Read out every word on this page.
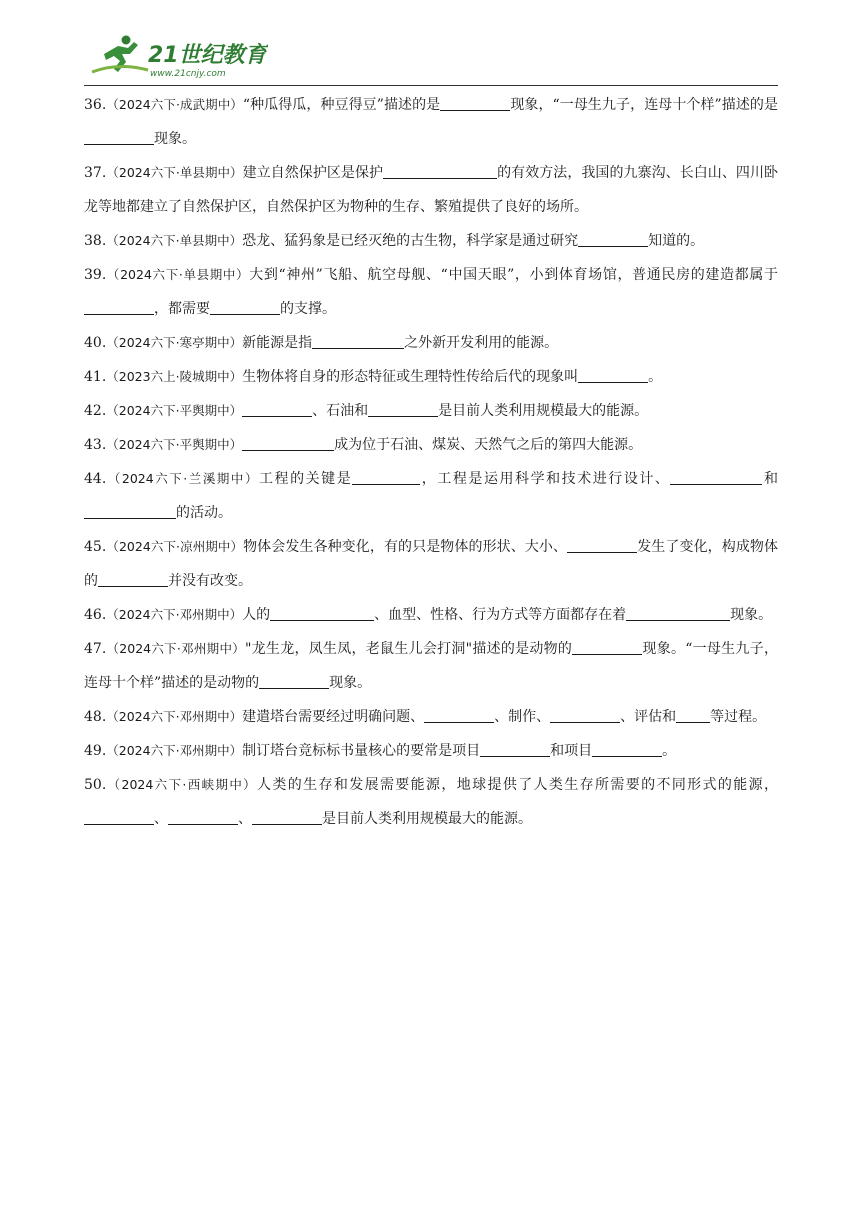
21世纪教育
www.21cnjy.com

36.（2024六下·成武期中）“种瓜得瓜，种豆得豆”描述的是	现象，“一母生九子，连母十个样”描述的是现象。

37.（2024六下·单县期中）建立自然保护区是保护	的有效方法，我国的九寨沟、长白山、四川卧龙等地都建立了自然保护区，自然保护区为物种的生存、繁殖提供了良好的场所。

38.（2024六下·单县期中）恐龙、猛犸象是已经灭绝的古生物，科学家是通过研究	知道的。

39.（2024六下·单县期中）大到“神州”飞船、航空母舰、“中国天眼”，小到体育场馆，普通民房的建造都属于，都需要	的支撑。

40.（2024六下·寒亭期中）新能源是指	之外新开发利用的能源。

41.（2023六上·陵城期中）生物体将自身的形态特征或生理特性传给后代的现象叫	。

42.（2024六下·平舆期中）	、石油和	是目前人类利用规模最大的能源。

43.（2024六下·平舆期中）	成为位于石油、煤炭、天然气之后的第四大能源。

44.（2024六下·兰溪期中）工程的关键是	，工程是运用科学和技术进行设计、	和的活动。

45.（2024六下·凉州期中）物体会发生各种变化，有的只是物体的形状、大小、	发生了变化，构成物体的	并没有改变。

46.（2024六下·邓州期中）人的	、血型、性格、行为方式等方面都存在着	现象。

47.（2024六下·邓州期中）"龙生龙，凤生凤，老鼠生儿会打洞"描述的是动物的	现象。“一母生九子，连母十个样”描述的是动物的	现象。

48.（2024六下·邓州期中）建遣塔台需要经过明确问题、	、制作、	、评估和 等过程。

49.（2024六下·邓州期中）制订塔台竞标标书量核心的要常是项目	和项目	。

50.（2024六下·西峡期中）人类的生存和发展需要能源，地球提供了人类生存所需要的不同形式的能源，、	、	是目前人类利用规模最大的能源。
